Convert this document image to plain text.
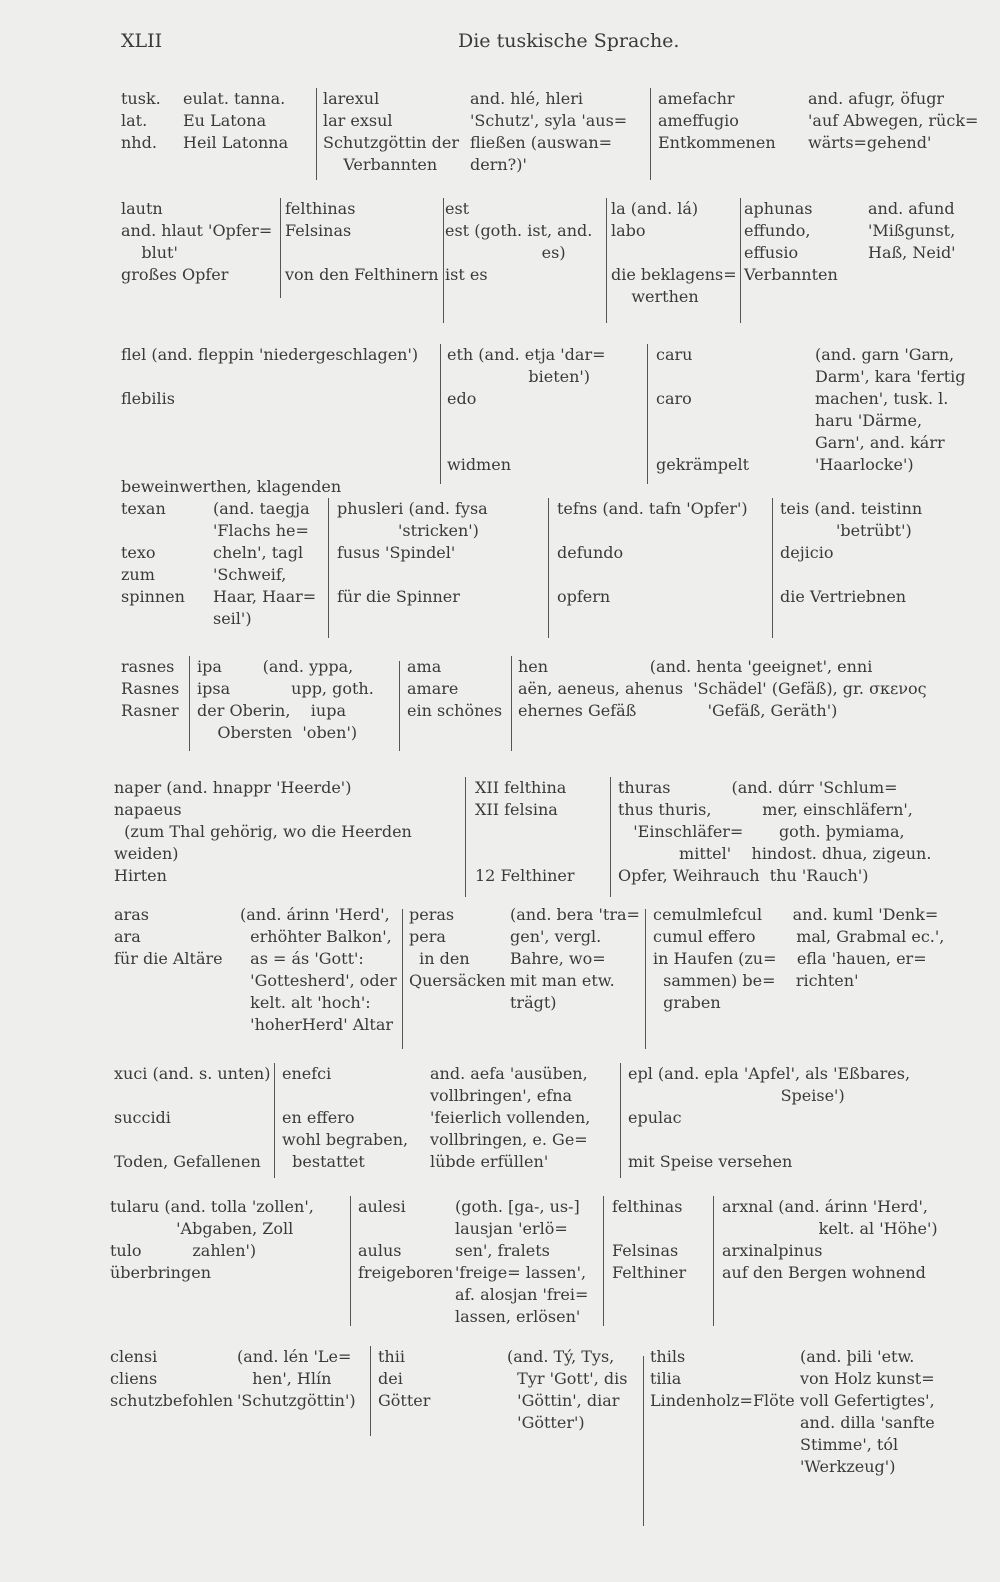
XLII	Die tuskische Sprache.
tusk.
lat.
nhd.
eulat. tanna.
Eu Latona
Heil Latonna
larexul
lar exsul
Schutzgöttin der
Verbannten
and. hlé, hleri
'Schutz', syla 'aus=
fließen (auswan=
dern?)'
amefachr
ameffugio
Entkommenen
and. afugr, öfugr
'auf Abwegen, rück=
wärts=gehend'
lautn
and. hlaut 'Opfer=
blut'
großes Opfer
felthinas
Felsinas

von den Felthinern
est
est (goth. ist, and.
es)
ist es
la (and. lá)
labo

die beklagens=
werthen
aphunas
effundo,
effusio
Verbannten
and. afund
'Mißgunst,
Haß, Neid'
flel (and. fleppin 'niedergeschlagen')

flebilis

beweinwerthen, klagenden
eth (and. etja 'dar=
bieten')
edo

widmen
caru

caro

gekrämpelt
(and. garn 'Garn,
Darm', kara 'fertig
machen', tusk. l.
haru 'Därme,
Garn', and. kárr
'Haarlocke')
texan

texo
zum
spinnen
(and. taegja
'Flachs he=
cheln', tagl
'Schweif,
Haar, Haar=
seil')
phusleri (and. fysa
'stricken')
fusus 'Spindel'

für die Spinner
tefns (and. tafn 'Opfer')

defundo

opfern
teis (and. teistinn
'betrübt')
dejicio

die Vertriebnen
rasnes
Rasnes
Rasner
ipa        (and. yppa,
ipsa            upp, goth.
der Oberin,    iupa
Obersten  'oben')
ama
amare
ein schönes
hen                    (and. henta 'geeignet', enni
aën, aeneus, ahenus  'Schädel' (Gefäß), gr. σκενος
ehernes Gefäß              'Gefäß, Geräth')
naper (and. hnappr 'Heerde')
napaeus
(zum Thal gehörig, wo die Heerden
weiden)
Hirten
XII felthina
XII felsina

12 Felthiner
thuras            (and. dúrr 'Schlum=
thus thuris,          mer, einschläfern',
'Einschläfer=       goth. þymiama,
mittel'    hindost. dhua, zigeun.
Opfer, Weihrauch  thu 'Rauch')
aras
ara
für die Altäre
(and. árinn 'Herd',
erhöhter Balkon',
as = ás 'Gott':
'Gottesherd', oder
kelt. alt 'hoch':
'hoherHerd' Altar
peras
pera
in den
Quersäcken
(and. bera 'tra=
gen', vergl.
Bahre, wo=
mit man etw.
trägt)
cemulmlefcul      and. kuml 'Denk=
cumul effero        mal, Grabmal ec.',
in Haufen (zu=    efla 'hauen, er=
sammen) be=    richten'
graben
xuci (and. s. unten)

succidi

Toden, Gefallenen
enefci

en effero
wohl begraben,
bestattet
and. aefa 'ausüben,
vollbringen', efna
'feierlich vollenden,
vollbringen, e. Ge=
lübde erfüllen'
epl (and. epla 'Apfel', als 'Eßbares,
Speise')
epulac

mit Speise versehen
tularu (and. tolla 'zollen',
'Abgaben, Zoll
tulo          zahlen')
überbringen
aulesi

aulus
freigeboren
(goth. [ga-, us-]
lausjan 'erlö=
sen', fralets
'freige= lassen',
af. alosjan 'frei=
lassen, erlösen'
felthinas

Felsinas
Felthiner
arxnal (and. árinn 'Herd',
kelt. al 'Höhe')
arxinalpinus
auf den Bergen wohnend
clensi
cliens
schutzbefohlen
(and. lén 'Le=
hen', Hlín
'Schutzgöttin')
thii
dei
Götter
(and. Tý, Tys,
Tyr 'Gott', dis
'Göttin', diar
'Götter')
thils
tilia
Lindenholz=Flöte
(and. þili 'etw.
von Holz kunst=
voll Gefertigtes',
and. dilla 'sanfte
Stimme', tól
'Werkzeug')
